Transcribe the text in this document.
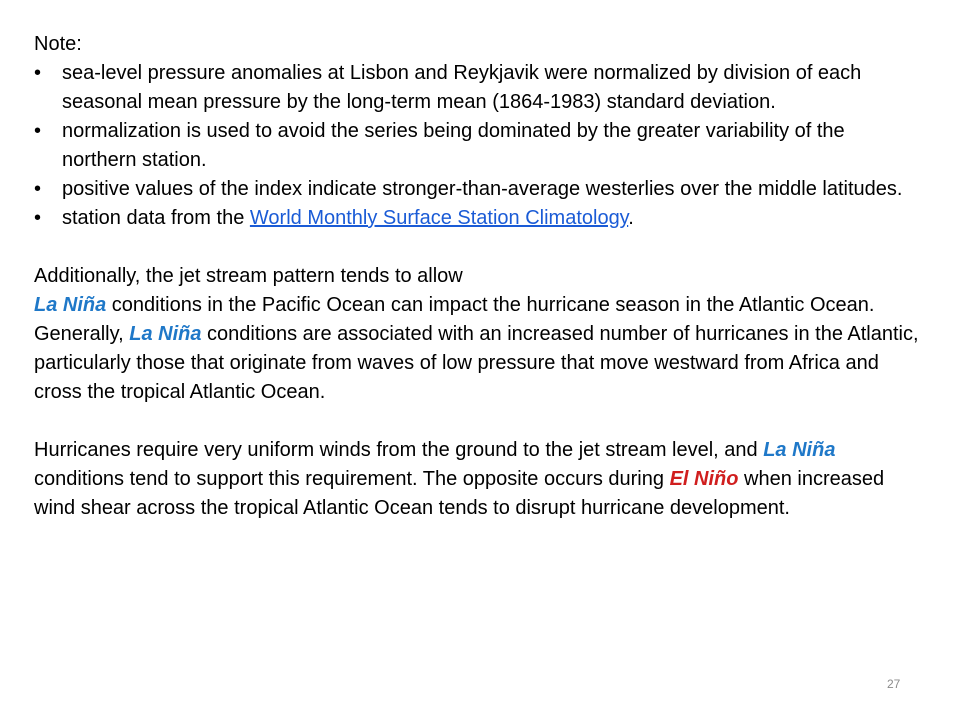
Note:

• sea-level pressure anomalies at Lisbon and Reykjavik were normalized by division of each seasonal mean pressure by the long-term mean (1864-1983) standard deviation.
• normalization is used to avoid the series being dominated by the greater variability of the northern station.
• positive values of the index indicate stronger-than-average westerlies over the middle latitudes.
• station data from the World Monthly Surface Station Climatology.

Additionally, the jet stream pattern tends to allow
La Niña conditions in the Pacific Ocean can impact the hurricane season in the Atlantic Ocean. Generally, La Niña conditions are associated with an increased number of hurricanes in the Atlantic, particularly those that originate from waves of low pressure that move westward from Africa and cross the tropical Atlantic Ocean.

Hurricanes require very uniform winds from the ground to the jet stream level, and La Niña conditions tend to support this requirement. The opposite occurs during El Niño when increased wind shear across the tropical Atlantic Ocean tends to disrupt hurricane development.

27
